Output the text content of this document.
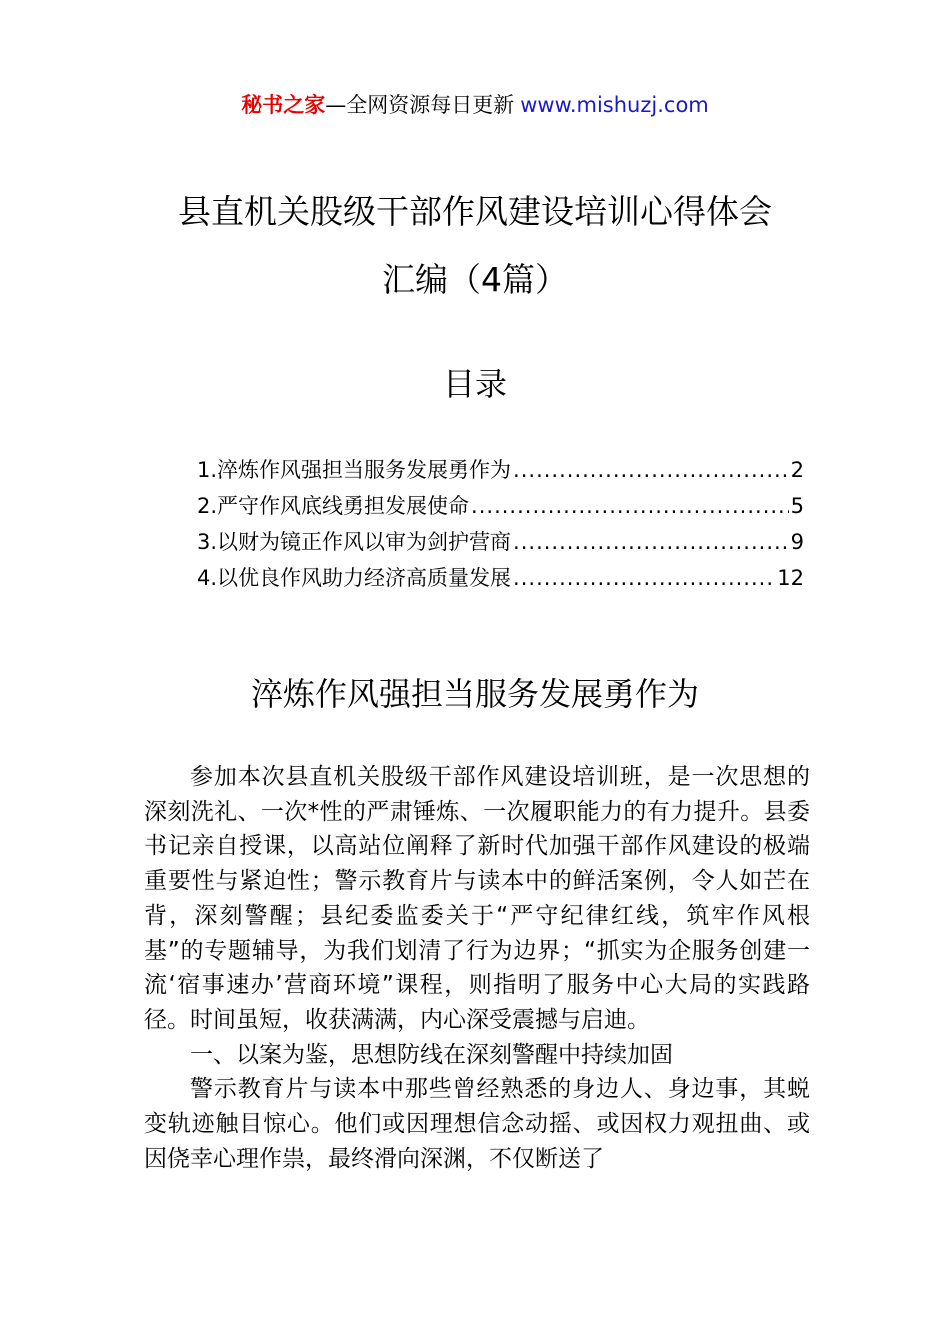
秘书之家—全网资源每日更新 www.mishuzj.com
县直机关股级干部作风建设培训心得体会
汇编（4篇）
目录
1.淬炼作风强担当服务发展勇作为 .....	2
2.严守作风底线勇担发展使命 .....	5
3.以财为镜正作风以审为剑护营商 .....	9
4.以优良作风助力经济高质量发展 .....	12
淬炼作风强担当服务发展勇作为

参加本次县直机关股级干部作风建设培训班，是一次思想的深刻洗礼、一次*性的严肃锤炼、一次履职能力的有力提升。县委书记亲自授课，以高站位阐释了新时代加强干部作风建设的极端重要性与紧迫性；警示教育片与读本中的鲜活案例，令人如芒在背，深刻警醒；县纪委监委关于“严守纪律红线，筑牢作风根基”的专题辅导，为我们划清了行为边界；“抓实为企服务创建一流‘宿事速办’营商环境”课程，则指明了服务中心大局的实践路径。时间虽短，收获满满，内心深受震撼与启迪。

一、以案为鉴，思想防线在深刻警醒中持续加固

警示教育片与读本中那些曾经熟悉的身边人、身边事，其蜕变轨迹触目惊心。他们或因理想信念动摇、或因权力观扭曲、或因侥幸心理作祟，最终滑向深渊，不仅断送了
